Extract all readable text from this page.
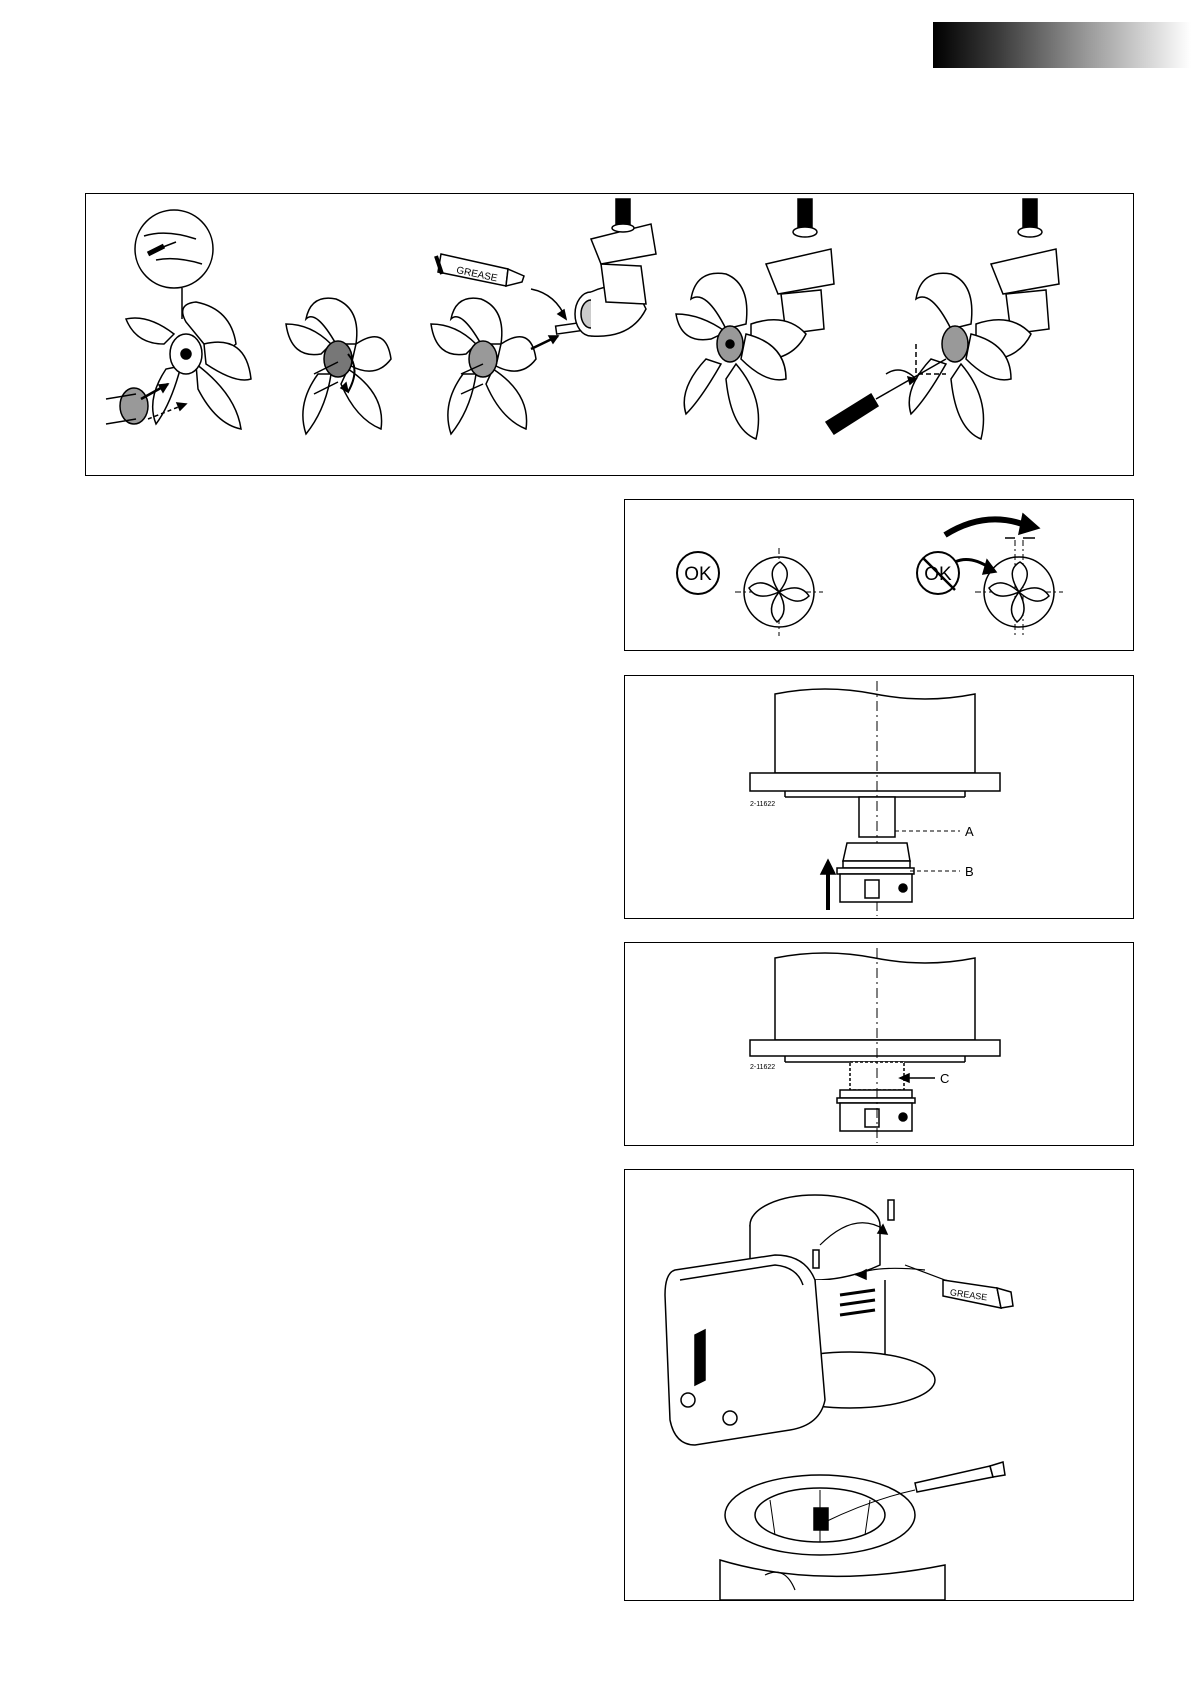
GREASE
OK	OK
2-11622
A
B
2-11622
C
GREASE
